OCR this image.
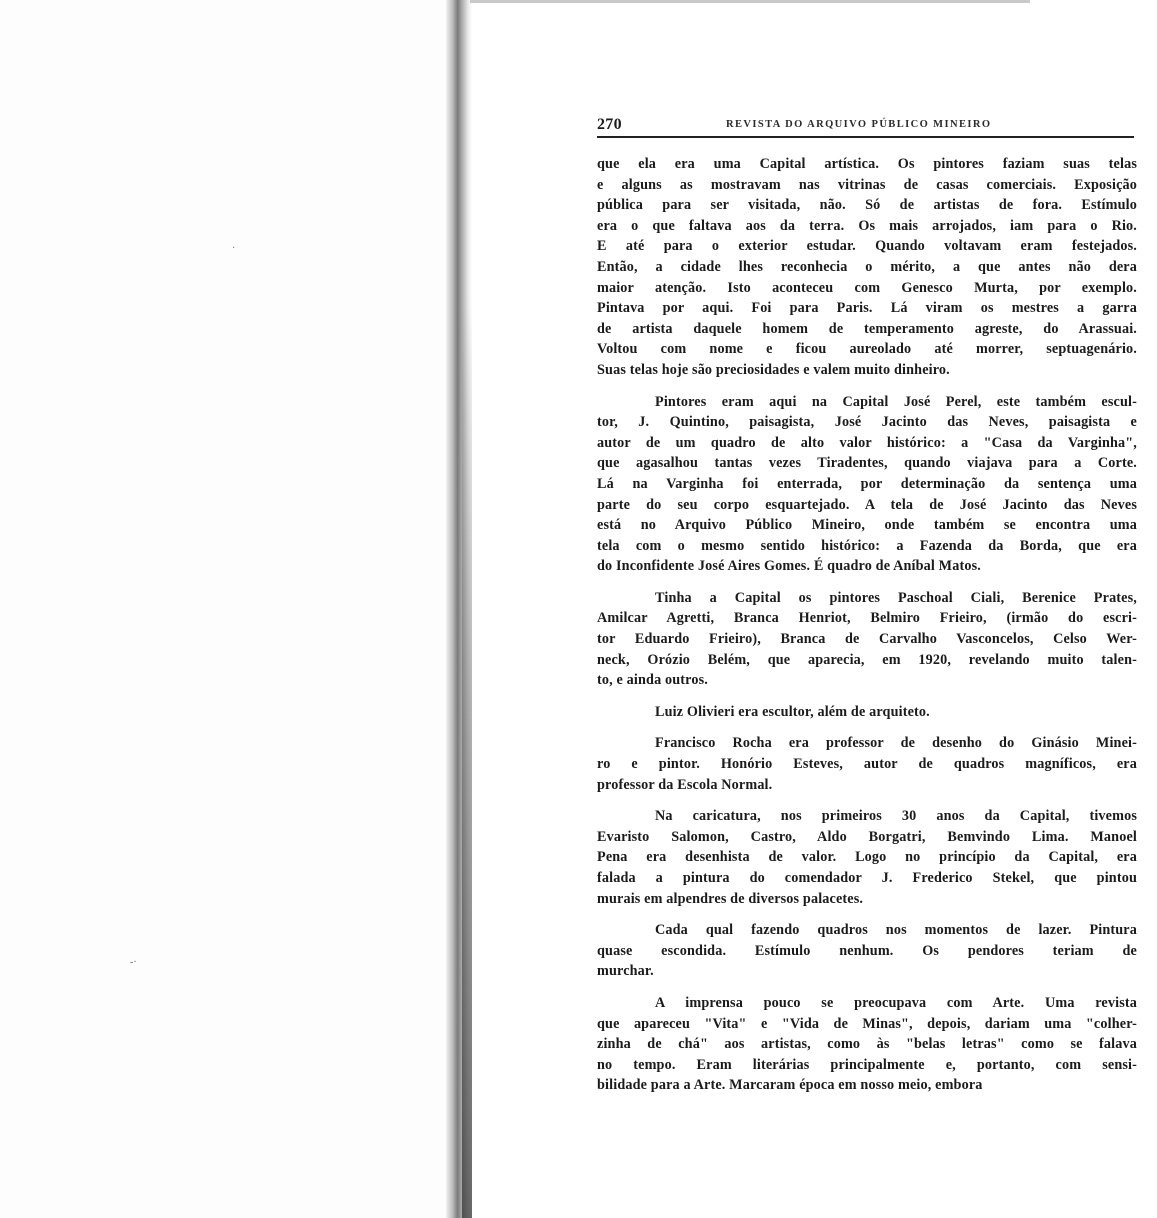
·
-·
270	REVISTA DO ARQUIVO PÚBLICO MINEIRO
que ela era uma Capital artística. Os pintores faziam suas telas
e alguns as mostravam nas vitrinas de casas comerciais. Exposição
pública para ser visitada, não. Só de artistas de fora. Estímulo
era o que faltava aos da terra. Os mais arrojados, iam para o Rio.
E até para o exterior estudar. Quando voltavam eram festejados.
Então, a cidade lhes reconhecia o mérito, a que antes não dera
maior atenção. Isto aconteceu com Genesco Murta, por exemplo.
Pintava por aqui. Foi para Paris. Lá viram os mestres a garra
de artista daquele homem de temperamento agreste, do Arassuai.
Voltou com nome e ficou aureolado até morrer, septuagenário.
Suas telas hoje são preciosidades e valem muito dinheiro.
Pintores eram aqui na Capital José Perel, este também escul-
tor, J. Quintino, paisagista, José Jacinto das Neves, paisagista e
autor de um quadro de alto valor histórico: a "Casa da Varginha",
que agasalhou tantas vezes Tiradentes, quando viajava para a Corte.
Lá na Varginha foi enterrada, por determinação da sentença uma
parte do seu corpo esquartejado. A tela de José Jacinto das Neves
está no Arquivo Público Mineiro, onde também se encontra uma
tela com o mesmo sentido histórico: a Fazenda da Borda, que era
do Inconfidente José Aires Gomes. É quadro de Aníbal Matos.
Tinha a Capital os pintores Paschoal Ciali, Berenice Prates,
Amilcar Agretti, Branca Henriot, Belmiro Frieiro, (irmão do escri-
tor Eduardo Frieiro), Branca de Carvalho Vasconcelos, Celso Wer-
neck, Orózio Belém, que aparecia, em 1920, revelando muito talen-
to, e ainda outros.
Luiz Olivieri era escultor, além de arquiteto.
Francisco Rocha era professor de desenho do Ginásio Minei-
ro e pintor. Honório Esteves, autor de quadros magníficos, era
professor da Escola Normal.
Na caricatura, nos primeiros 30 anos da Capital, tivemos
Evaristo Salomon, Castro, Aldo Borgatri, Bemvindo Lima. Manoel
Pena era desenhista de valor. Logo no princípio da Capital, era
falada a pintura do comendador J. Frederico Stekel, que pintou
murais em alpendres de diversos palacetes.
Cada qual fazendo quadros nos momentos de lazer. Pintura
quase escondida. Estímulo nenhum. Os pendores teriam de
murchar.
A imprensa pouco se preocupava com Arte. Uma revista
que apareceu "Vita" e "Vida de Minas", depois, dariam uma "colher-
zinha de chá" aos artistas, como às "belas letras" como se falava
no tempo. Eram literárias principalmente e, portanto, com sensi-
bilidade para a Arte. Marcaram época em nosso meio, embora
